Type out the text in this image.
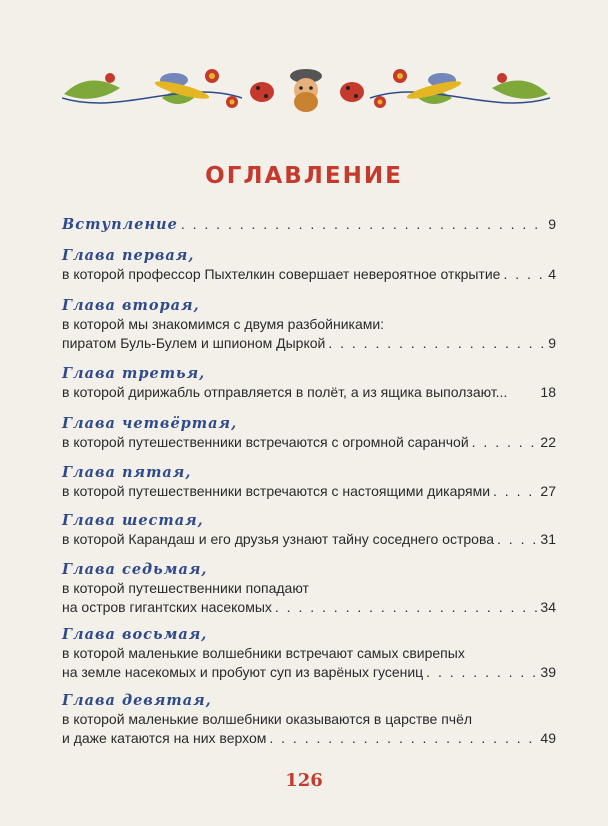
ОГЛАВЛЕНИЕ
Вступление . . .	9
Глава первая,
в которой профессор Пыхтелкин совершает невероятное открытие . . .	4
Глава вторая,
в которой мы знакомимся с двумя разбойниками:
пиратом Буль-Булем и шпионом Дыркой . . .	9
Глава третья,
в которой дирижабль отправляется в полёт, а из ящика выползают... 18
Глава четвёртая,
в которой путешественники встречаются с огромной саранчой . . .	22
Глава пятая,
в которой путешественники встречаются с настоящими дикарями . . .	27
Глава шестая,
в которой Карандаш и его друзья узнают тайну соседнего острова . . .	31
Глава седьмая,
в которой путешественники попадают
на остров гигантских насекомых . . .	34
Глава восьмая,
в которой маленькие волшебники встречают самых свирепых
на земле насекомых и пробуют суп из варёных гусениц . . .	39
Глава девятая,
в которой маленькие волшебники оказываются в царстве пчёл
и даже катаются на них верхом . . .	49
126
